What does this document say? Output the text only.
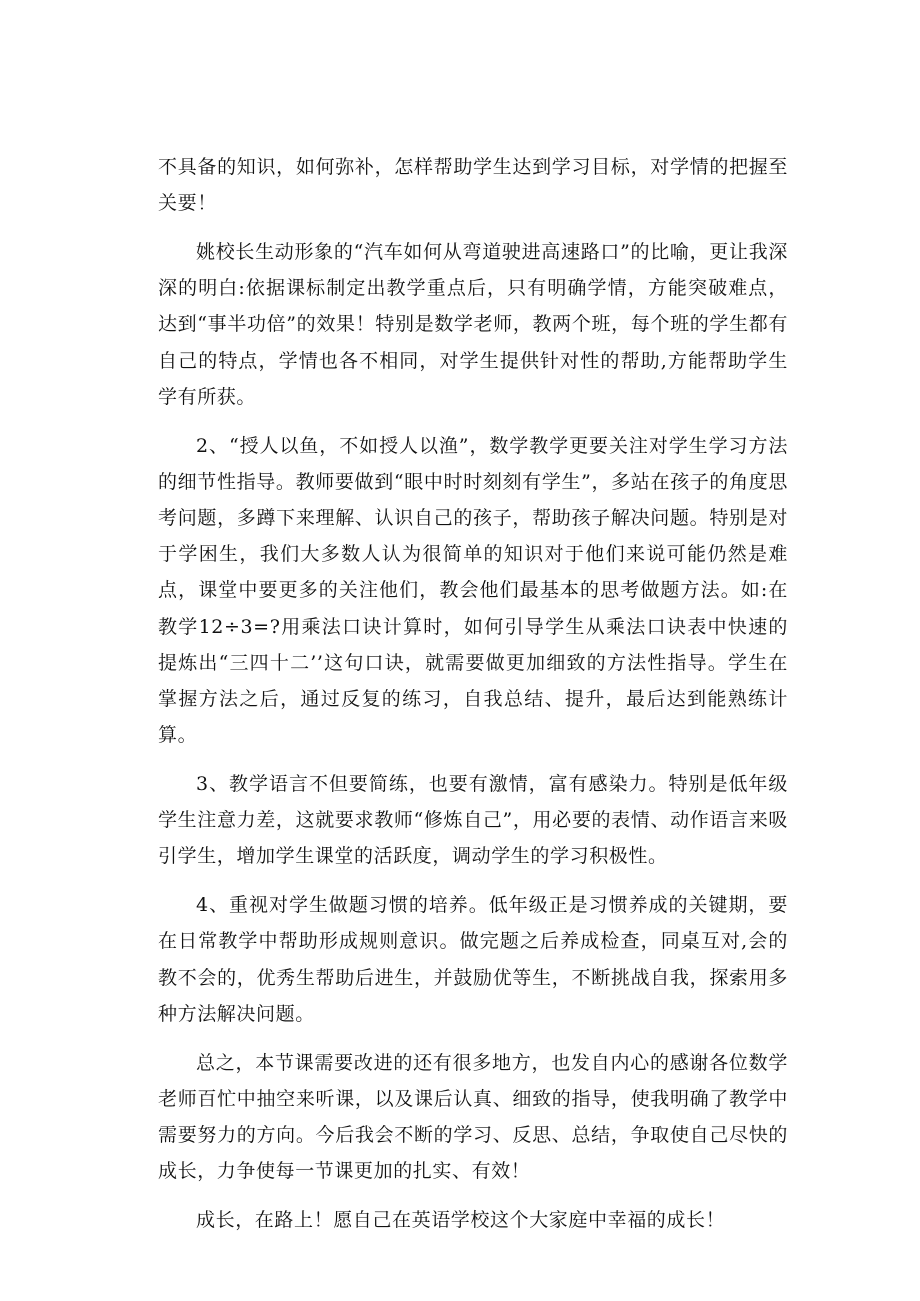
不具备的知识，如何弥补，怎样帮助学生达到学习目标，对学情的把握至关要！

姚校长生动形象的“汽车如何从弯道驶进高速路口”的比喻，更让我深深的明白:依据课标制定出教学重点后，只有明确学情，方能突破难点，达到“事半功倍”的效果！特别是数学老师，教两个班，每个班的学生都有自己的特点，学情也各不相同，对学生提供针对性的帮助,方能帮助学生学有所获。

2、“授人以鱼，不如授人以渔”，数学教学更要关注对学生学习方法的细节性指导。教师要做到“眼中时时刻刻有学生”，多站在孩子的角度思考问题，多蹲下来理解、认识自己的孩子，帮助孩子解决问题。特别是对于学困生，我们大多数人认为很简单的知识对于他们来说可能仍然是难点，课堂中要更多的关注他们，教会他们最基本的思考做题方法。如:在教学12÷3=?用乘法口诀计算时，如何引导学生从乘法口诀表中快速的提炼出“三四十二’’这句口诀，就需要做更加细致的方法性指导。学生在掌握方法之后，通过反复的练习，自我总结、提升，最后达到能熟练计算。

3、教学语言不但要简练，也要有激情，富有感染力。特别是低年级学生注意力差，这就要求教师“修炼自己”，用必要的表情、动作语言来吸引学生，增加学生课堂的活跃度，调动学生的学习积极性。

4、重视对学生做题习惯的培养。低年级正是习惯养成的关键期，要在日常教学中帮助形成规则意识。做完题之后养成检查，同桌互对,会的教不会的，优秀生帮助后进生，并鼓励优等生，不断挑战自我，探索用多种方法解决问题。

总之，本节课需要改进的还有很多地方，也发自内心的感谢各位数学老师百忙中抽空来听课，以及课后认真、细致的指导，使我明确了教学中需要努力的方向。今后我会不断的学习、反思、总结，争取使自己尽快的成长，力争使每一节课更加的扎实、有效！

成长，在路上！愿自己在英语学校这个大家庭中幸福的成长！
